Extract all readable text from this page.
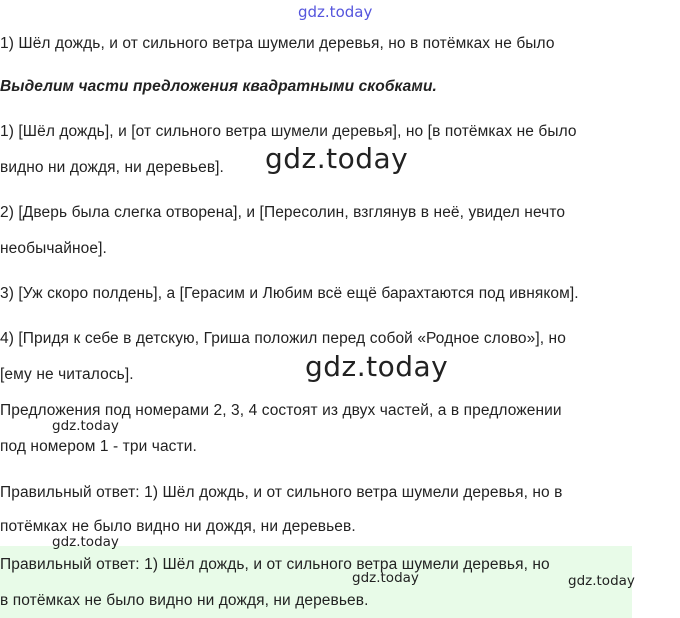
gdz.today
1) Шёл дождь, и от сильного ветра шумели деревья, но в потёмках не было
Выделим части предложения квадратными скобками.
1) [Шёл дождь], и [от сильного ветра шумели деревья], но [в потёмках не было
видно ни дождя, ни деревьев]. gdz.today
2) [Дверь была слегка отворена], и [Пересолин, взглянув в неё, увидел нечто
необычайное].
3) [Уж скоро полдень], а [Герасим и Любим всё ещё барахтаются под ивняком].
4) [Придя к себе в детскую, Гриша положил перед собой «Родное слово»], но
[ему не читалось].	gdz.today
Предложения под номерами 2, 3, 4 состоят из двух частей, а в предложении
gdz.today
под номером 1 - три части.
Правильный ответ: 1) Шёл дождь, и от сильного ветра шумели деревья, но в
потёмках не было видно ни дождя, ни деревьев.
gdz.today
Правильный ответ: 1) Шёл дождь, и от сильного ветра шумели деревья, но
gdz.today	gdz.today
в потёмках не было видно ни дождя, ни деревьев.
